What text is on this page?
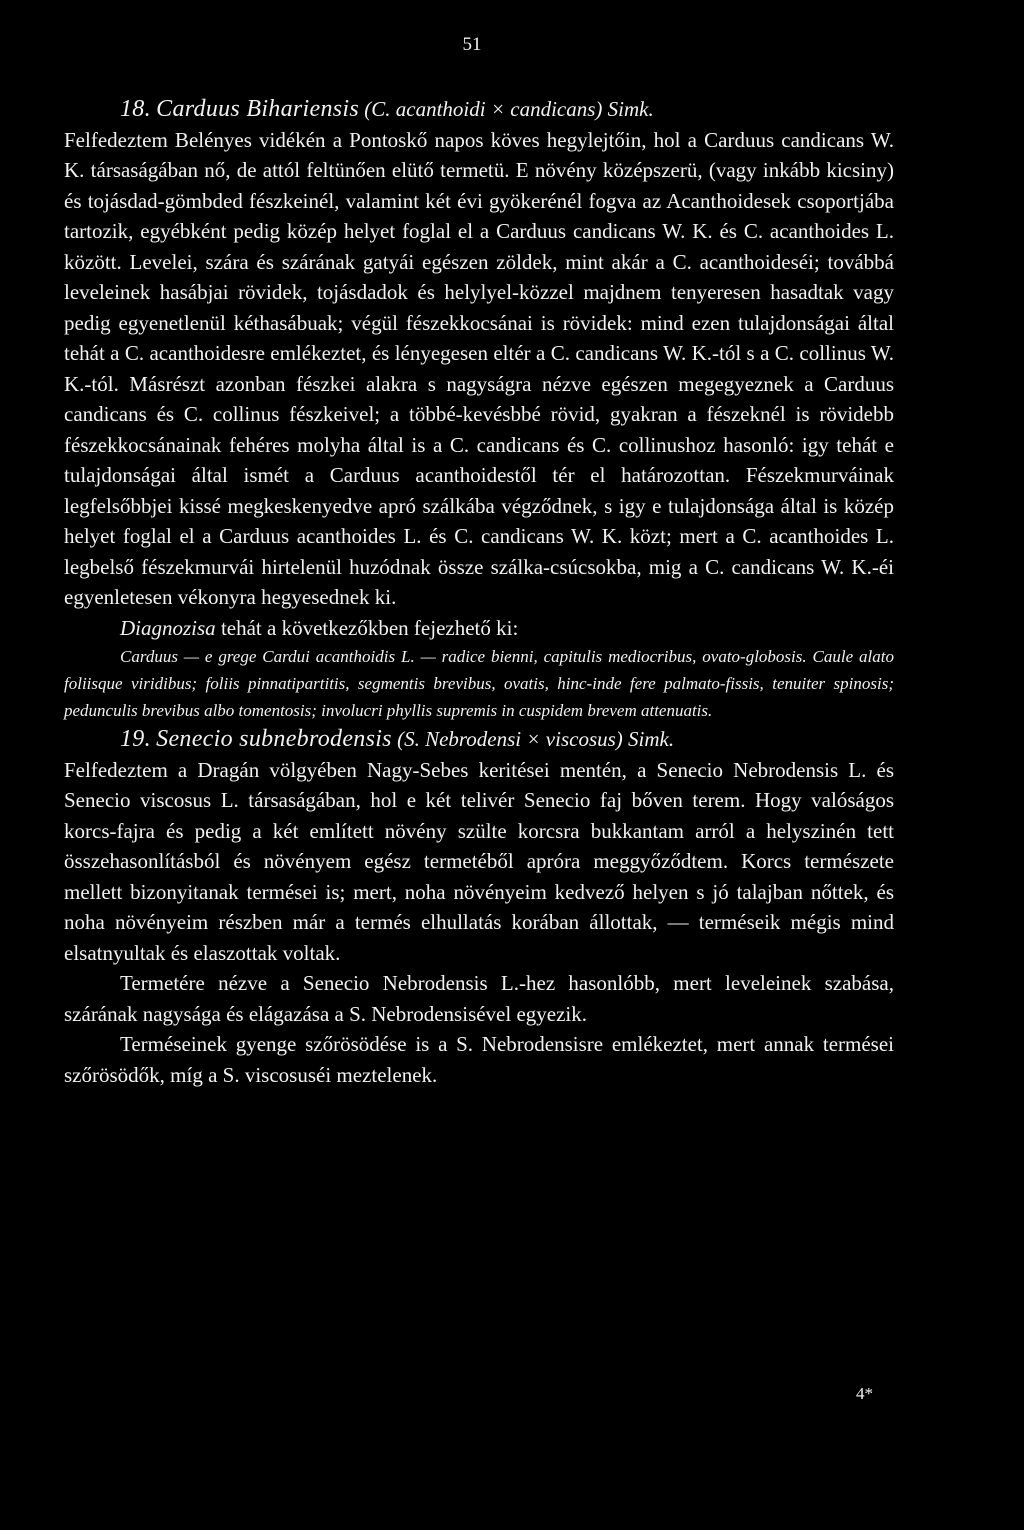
51

18. Carduus Bihariensis (C. acanthoidi × candicans) Simk.

Felfedeztem Belényes vidékén a Pontoskő napos köves hegylejtőin, hol a Carduus candicans W. K. társaságában nő, de attól feltünően elütő termetü. E növény középszerü, (vagy inkább kicsiny) és tojásdad-gömbded fészkeinél, valamint két évi gyökerénél fogva az Acanthoidesek csoportjába tartozik, egyébként pedig közép helyet foglal el a Carduus candicans W. K. és C. acanthoides L. között. Levelei, szára és szárának gatyái egészen zöldek, mint akár a C. acanthoideséi; továbbá leveleinek hasábjai rövidek, tojásdadok és helylyel-közzel majdnem tenyeresen hasadtak vagy pedig egyenetlenül kéthasábuak; végül fészekkocsánai is rövidek: mind ezen tulajdonságai által tehát a C. acanthoidesre emlékeztet, és lényegesen eltér a C. candicans W. K.-tól s a C. collinus W. K.-tól. Másrészt azonban fészkei alakra s nagyságra nézve egészen megegyeznek a Carduus candicans és C. collinus fészkeivel; a többé-kevésbbé rövid, gyakran a fészeknél is rövidebb fészekkocsánainak fehéres molyha által is a C. candicans és C. collinushoz hasonló: igy tehát e tulajdonságai által ismét a Carduus acanthoidestől tér el határozottan. Fészekmurváinak legfelsőbbjei kissé megkeskenyedve apró szálkába végződnek, s igy e tulajdonsága által is közép helyet foglal el a Carduus acanthoides L. és C. candicans W. K. közt; mert a C. acanthoides L. legbelső fészekmurvái hirtelenül huzódnak össze szálka-csúcsokba, mig a C. candicans W. K.-éi egyenletesen vékonyra hegyesednek ki.

Diagnozisa tehát a következőkben fejezhető ki:

Carduus — e grege Cardui acanthoidis L. — radice bienni, capitulis mediocribus, ovato-globosis. Caule alato foliisque viridibus; foliis pinnatipartitis, segmentis brevibus, ovatis, hinc-inde fere palmato-fissis, tenuiter spinosis; pedunculis brevibus albo tomentosis; involucri phyllis supremis in cuspidem brevem attenuatis.

19. Senecio subnebrodensis (S. Nebrodensi × viscosus) Simk.

Felfedeztem a Dragán völgyében Nagy-Sebes keritései mentén, a Senecio Nebrodensis L. és Senecio viscosus L. társaságában, hol e két telivér Senecio faj bőven terem. Hogy valóságos korcs-fajra és pedig a két említett növény szülte korcsra bukkantam arról a helyszinén tett összehasonlításból és növényem egész termetéből apróra meggyőződtem. Korcs természete mellett bizonyitanak termései is; mert, noha növényeim kedvező helyen s jó talajban nőttek, és noha növényeim részben már a termés elhullatás korában állottak, — terméseik mégis mind elsatnyultak és elaszottak voltak.

Termetére nézve a Senecio Nebrodensis L.-hez hasonlóbb, mert leveleinek szabása, szárának nagysága és elágazása a S. Nebrodensisével egyezik.

Terméseinek gyenge szőrösödése is a S. Nebrodensisre emlékeztet, mert annak termései szőrösödők, míg a S. viscosuséi meztelenek.

4*
